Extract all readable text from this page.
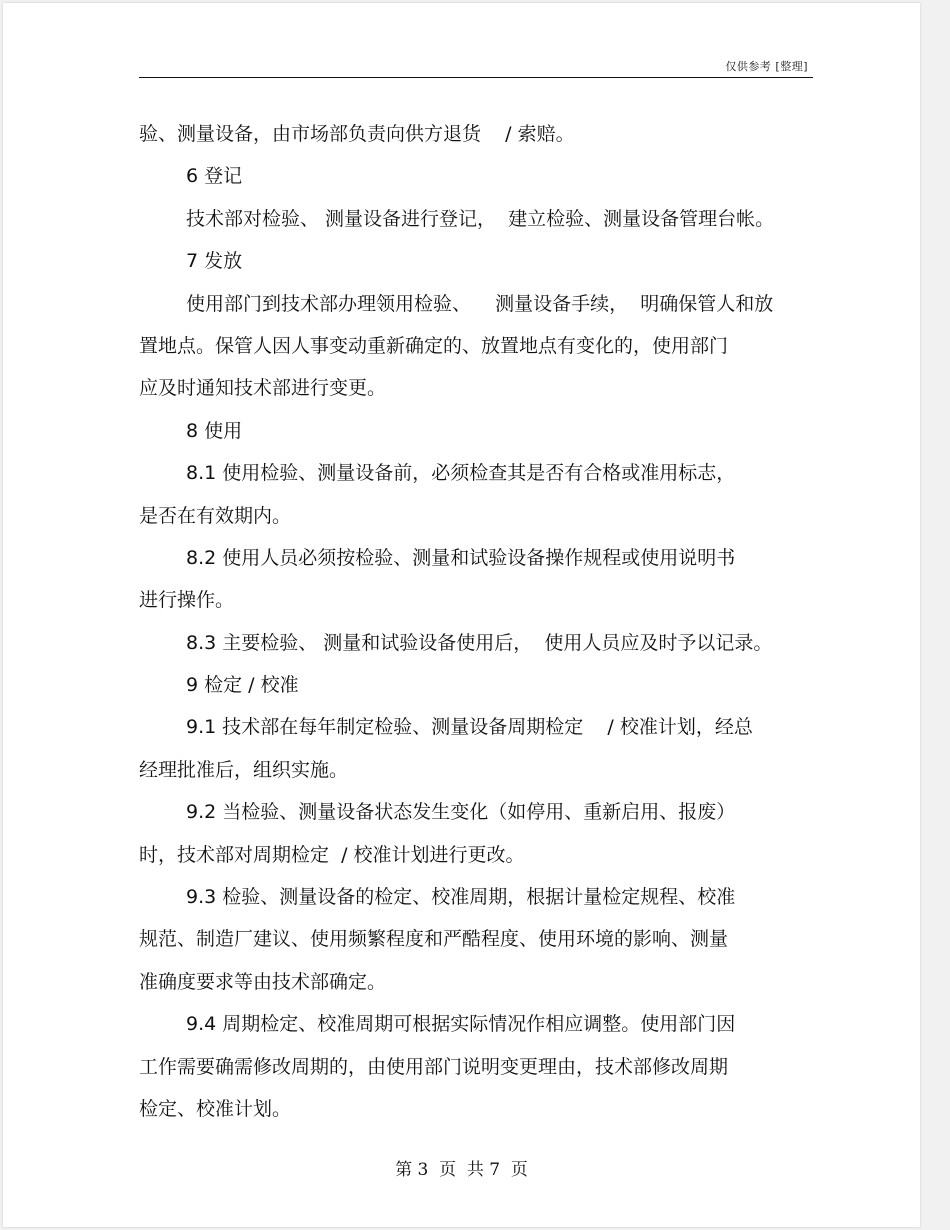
仅供参考 [整理]
验、测量设备，由市场部负责向供方退货    / 索赔。
6 登记
技术部对检验、 测量设备进行登记，  建立检验、测量设备管理台帐。
7 发放
使用部门到技术部办理领用检验、    测量设备手续，  明确保管人和放
置地点。保管人因人事变动重新确定的、放置地点有变化的，使用部门
应及时通知技术部进行变更。
8 使用
8.1 使用检验、测量设备前，必须检查其是否有合格或准用标志，
是否在有效期内。
8.2 使用人员必须按检验、测量和试验设备操作规程或使用说明书
进行操作。
8.3 主要检验、 测量和试验设备使用后，  使用人员应及时予以记录。
9 检定 / 校准
9.1 技术部在每年制定检验、测量设备周期检定    / 校准计划，经总
经理批准后，组织实施。
9.2 当检验、测量设备状态发生变化（如停用、重新启用、报废）
时，技术部对周期检定  / 校准计划进行更改。
9.3 检验、测量设备的检定、校准周期，根据计量检定规程、校准
规范、制造厂建议、使用频繁程度和严酷程度、使用环境的影响、测量
准确度要求等由技术部确定。
9.4 周期检定、校准周期可根据实际情况作相应调整。使用部门因
工作需要确需修改周期的，由使用部门说明变更理由，技术部修改周期
检定、校准计划。
第 3  页  共 7  页
